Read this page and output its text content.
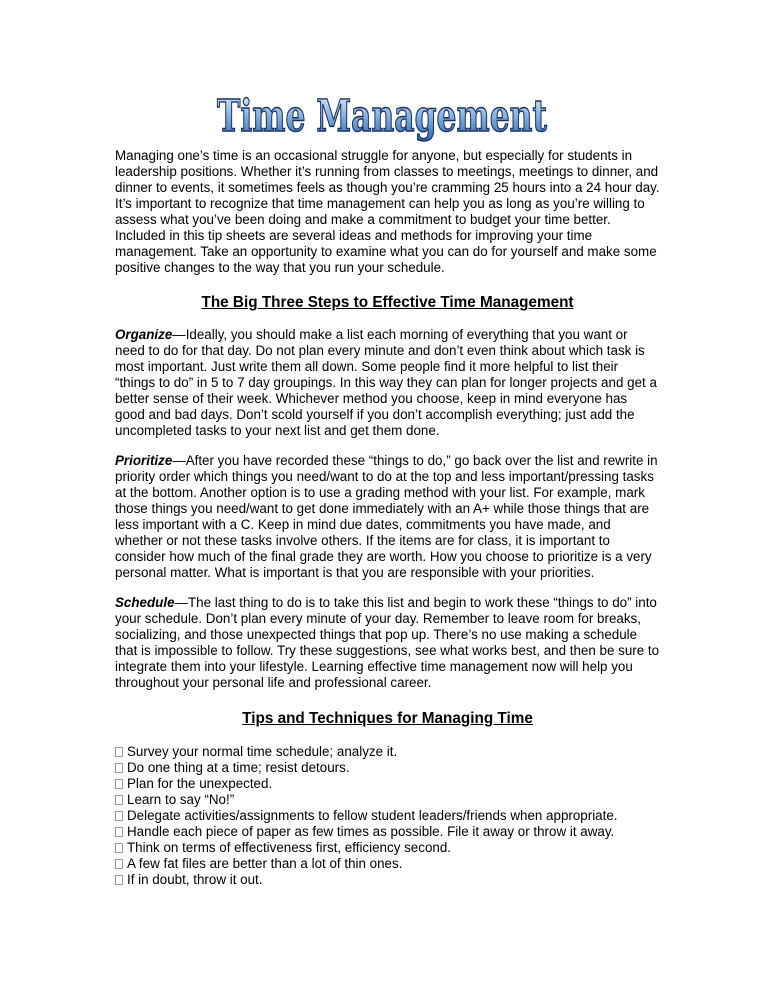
Time Management

Managing one’s time is an occasional struggle for anyone, but especially for students in leadership positions. Whether it’s running from classes to meetings, meetings to dinner, and dinner to events, it sometimes feels as though you’re cramming 25 hours into a 24 hour day. It’s important to recognize that time management can help you as long as you’re willing to assess what you’ve been doing and make a commitment to budget your time better. Included in this tip sheets are several ideas and methods for improving your time management. Take an opportunity to examine what you can do for yourself and make some positive changes to the way that you run your schedule.

The Big Three Steps to Effective Time Management

Organize—Ideally, you should make a list each morning of everything that you want or need to do for that day. Do not plan every minute and don’t even think about which task is most important. Just write them all down. Some people find it more helpful to list their “things to do” in 5 to 7 day groupings. In this way they can plan for longer projects and get a better sense of their week. Whichever method you choose, keep in mind everyone has good and bad days. Don’t scold yourself if you don’t accomplish everything; just add the uncompleted tasks to your next list and get them done.

Prioritize—After you have recorded these “things to do,” go back over the list and rewrite in priority order which things you need/want to do at the top and less important/pressing tasks at the bottom. Another option is to use a grading method with your list. For example, mark those things you need/want to get done immediately with an A+ while those things that are less important with a C. Keep in mind due dates, commitments you have made, and whether or not these tasks involve others. If the items are for class, it is important to consider how much of the final grade they are worth. How you choose to prioritize is a very personal matter. What is important is that you are responsible with your priorities.

Schedule—The last thing to do is to take this list and begin to work these “things to do” into your schedule. Don’t plan every minute of your day. Remember to leave room for breaks, socializing, and those unexpected things that pop up. There’s no use making a schedule that is impossible to follow. Try these suggestions, see what works best, and then be sure to integrate them into your lifestyle. Learning effective time management now will help you throughout your personal life and professional career.

Tips and Techniques for Managing Time
Survey your normal time schedule; analyze it.
Do one thing at a time; resist detours.
Plan for the unexpected.
Learn to say “No!”
Delegate activities/assignments to fellow student leaders/friends when appropriate.
Handle each piece of paper as few times as possible. File it away or throw it away.
Think on terms of effectiveness first, efficiency second.
A few fat files are better than a lot of thin ones.
If in doubt, throw it out.
